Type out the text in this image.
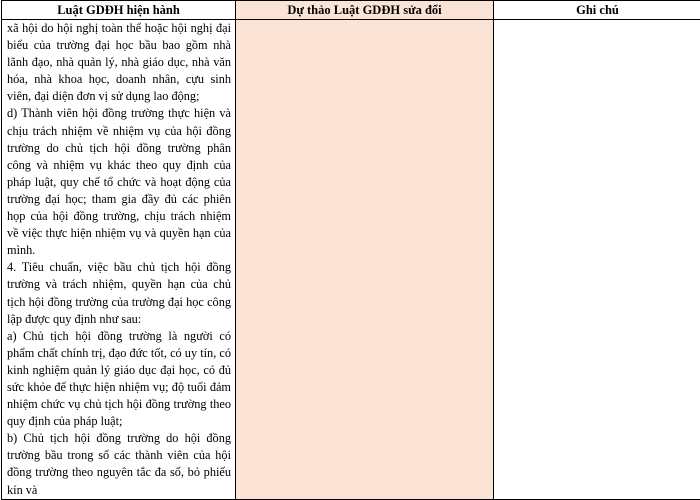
Luật GDĐH hiện hành	Dự thảo Luật GDĐH sửa đổi	Ghi chú

xã hội do hội nghị toàn thể hoặc hội nghị đại biểu của trường đại học bầu bao gồm nhà lãnh đạo, nhà quản lý, nhà giáo dục, nhà văn hóa, nhà khoa học, doanh nhân, cựu sinh viên, đại diện đơn vị sử dụng lao động;

d) Thành viên hội đồng trường thực hiện và chịu trách nhiệm về nhiệm vụ của hội đồng trường do chủ tịch hội đồng trường phân công và nhiệm vụ khác theo quy định của pháp luật, quy chế tổ chức và hoạt động của trường đại học; tham gia đầy đủ các phiên họp của hội đồng trường, chịu trách nhiệm về việc thực hiện nhiệm vụ và quyền hạn của mình.

4. Tiêu chuẩn, việc bầu chủ tịch hội đồng trường và trách nhiệm, quyền hạn của chủ tịch hội đồng trường của trường đại học công lập được quy định như sau:

a) Chủ tịch hội đồng trường là người có phẩm chất chính trị, đạo đức tốt, có uy tín, có kinh nghiệm quản lý giáo dục đại học, có đủ sức khỏe để thực hiện nhiệm vụ; độ tuổi đảm nhiệm chức vụ chủ tịch hội đồng trường theo quy định của pháp luật;

b) Chủ tịch hội đồng trường do hội đồng trường bầu trong số các thành viên của hội đồng trường theo nguyên tắc đa số, bỏ phiếu kín và		
